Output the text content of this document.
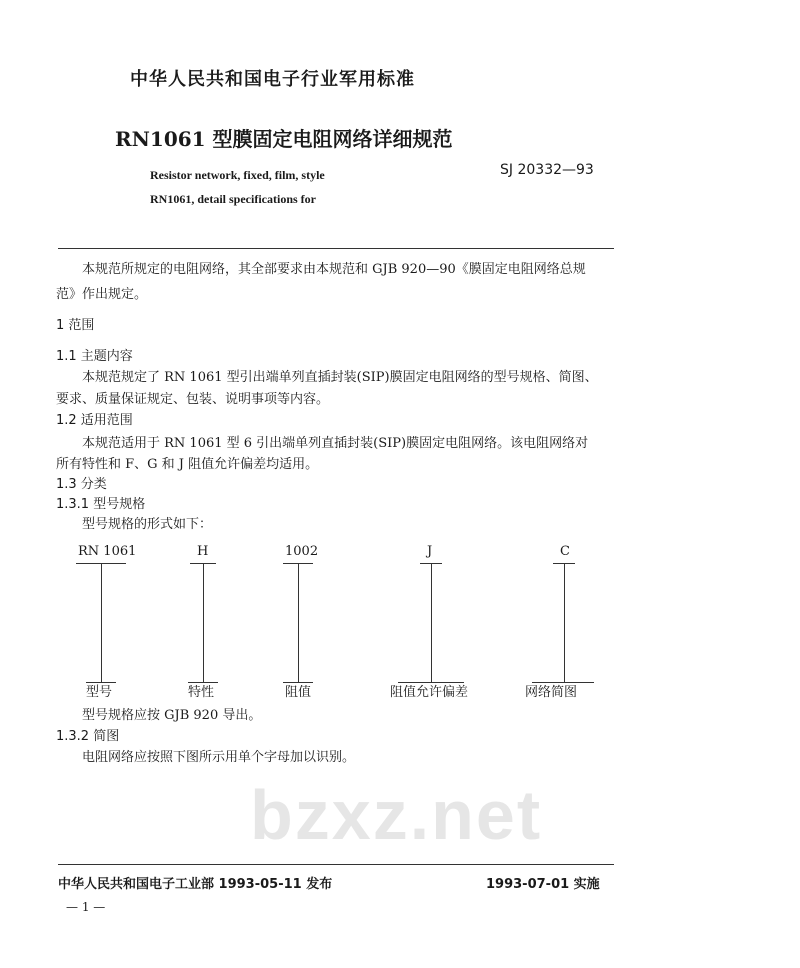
bzxz.net
中华人民共和国电子行业军用标准
RN1061 型膜固定电阻网络详细规范
Resistor network, fixed, film, style
RN1061, detail specifications for
SJ 20332—93
本规范所规定的电阻网络，其全部要求由本规范和 GJB 920—90《膜固定电阻网络总规
范》作出规定。
1 范围
1.1 主题内容
本规范规定了 RN 1061 型引出端单列直插封装(SIP)膜固定电阻网络的型号规格、简图、
要求、质量保证规定、包装、说明事项等内容。
1.2 适用范围
本规范适用于 RN 1061 型 6 引出端单列直插封装(SIP)膜固定电阻网络。该电阻网络对
所有特性和 F、G 和 J 阻值允许偏差均适用。
1.3 分类
1.3.1 型号规格
型号规格的形式如下：
RN 1061	H	1002	J	C
型号	特性	阻值	阻值允许偏差	网络简图
型号规格应按 GJB 920 导出。
1.3.2 简图
电阻网络应按照下图所示用单个字母加以识别。
中华人民共和国电子工业部 1993-05-11 发布	1993-07-01 实施
— 1 —
